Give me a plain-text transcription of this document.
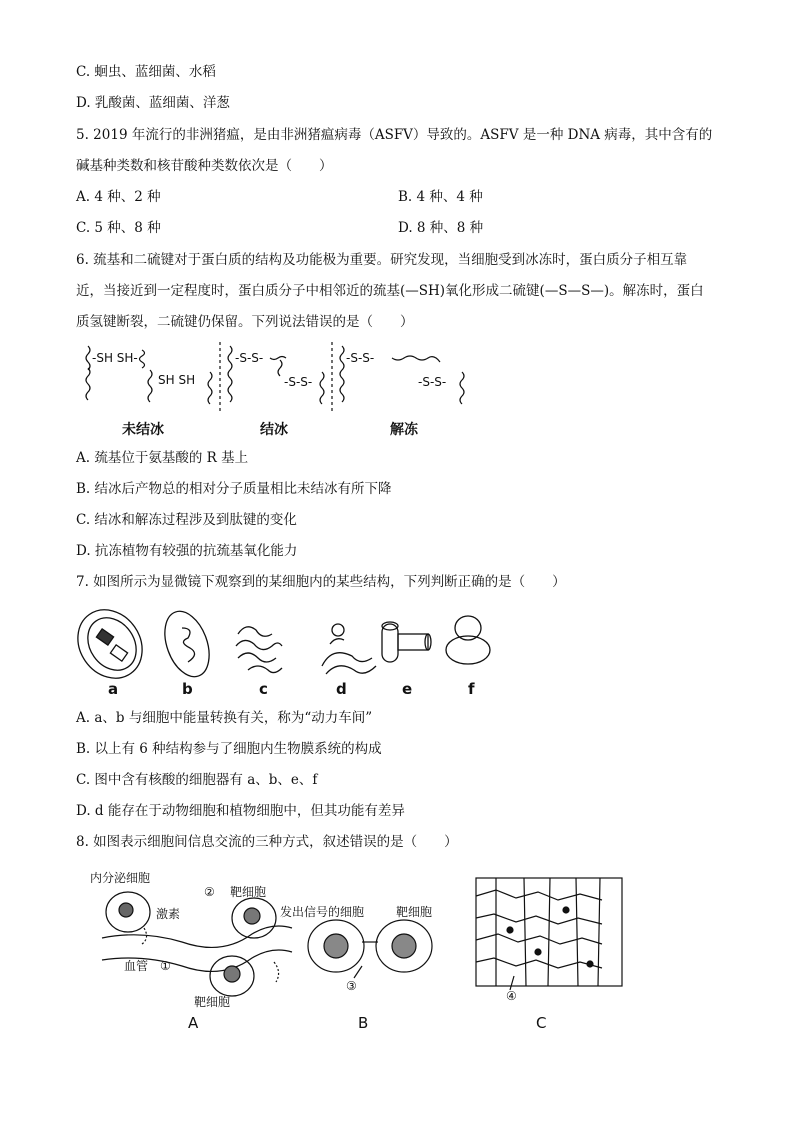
C. 蛔虫、蓝细菌、水稻
D. 乳酸菌、蓝细菌、洋葱
5. 2019 年流行的非洲猪瘟，是由非洲猪瘟病毒（ASFV）导致的。ASFV 是一种 DNA 病毒，其中含有的
碱基种类数和核苷酸种类数依次是（　　）
A. 4 种、2 种	B. 4 种、4 种
C. 5 种、8 种	D. 8 种、8 种
6. 巯基和二硫键对于蛋白质的结构及功能极为重要。研究发现，当细胞受到冰冻时，蛋白质分子相互靠
近，当接近到一定程度时，蛋白质分子中相邻近的巯基(—SH)氧化形成二硫键(—S—S—)。解冻时，蛋白
质氢键断裂，二硫键仍保留。下列说法错误的是（　　）
-SH SH-
SH SH
-S-S-
-S-S-
-S-S-
-S-S-
未结冰	结冰	解冻
A. 巯基位于氨基酸的 R 基上
B. 结冰后产物总的相对分子质量相比未结冰有所下降
C. 结冰和解冻过程涉及到肽键的变化
D. 抗冻植物有较强的抗巯基氧化能力
7. 如图所示为显微镜下观察到的某细胞内的某些结构，下列判断正确的是（　　）
a	b	c	d	e	f
A. a、b 与细胞中能量转换有关，称为“动力车间”
B. 以上有 6 种结构参与了细胞内生物膜系统的构成
C. 图中含有核酸的细胞器有 a、b、e、f
D. d 能存在于动物细胞和植物细胞中，但其功能有差异
8. 如图表示细胞间信息交流的三种方式，叙述错误的是（　　）
内分泌细胞
激素
② 靶细胞
血管 ①
靶细胞
发出信号的细胞	靶细胞
③
④
A	B	C
